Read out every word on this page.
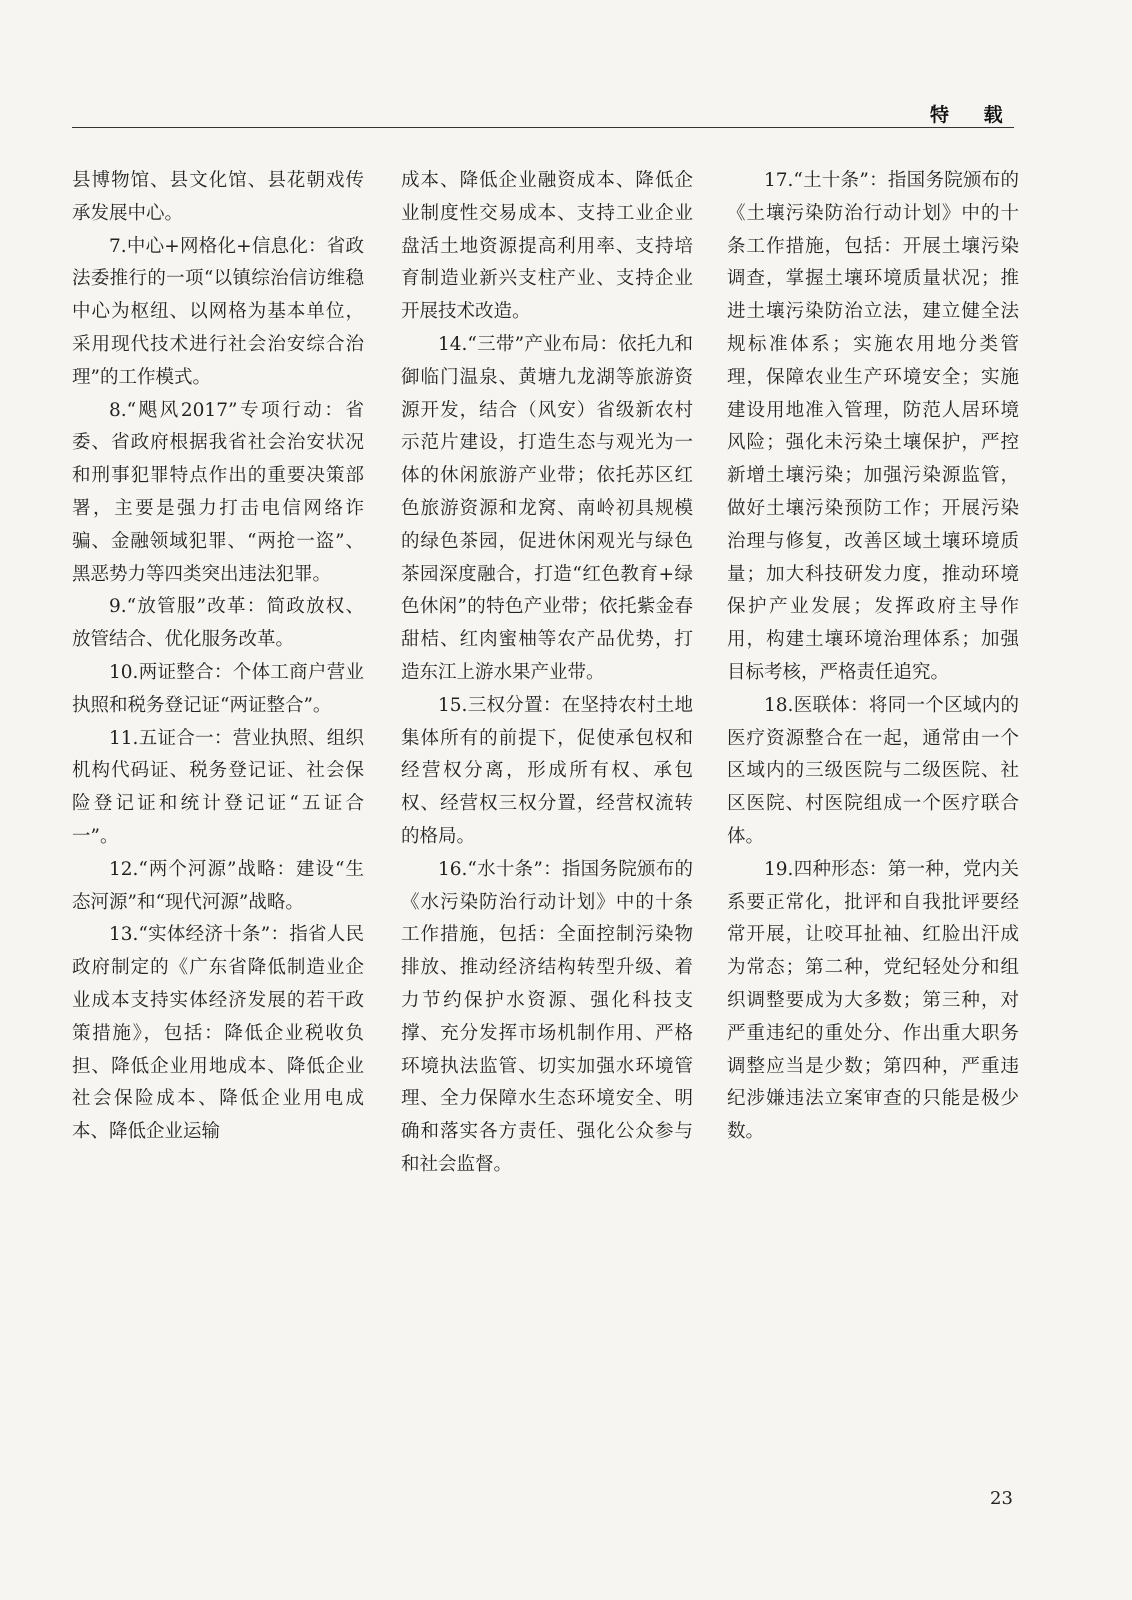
特 载

县博物馆、县文化馆、县花朝戏传承发展中心。

7.中心+网格化+信息化：省政法委推行的一项“以镇综治信访维稳中心为枢纽、以网格为基本单位，采用现代技术进行社会治安综合治理”的工作模式。

8.“飓风2017”专项行动：省委、省政府根据我省社会治安状况和刑事犯罪特点作出的重要决策部署，主要是强力打击电信网络诈骗、金融领域犯罪、“两抢一盗”、黑恶势力等四类突出违法犯罪。

9.“放管服”改革：简政放权、放管结合、优化服务改革。

10.两证整合：个体工商户营业执照和税务登记证“两证整合”。

11.五证合一：营业执照、组织机构代码证、税务登记证、社会保险登记证和统计登记证“五证合一”。

12.“两个河源”战略：建设“生态河源”和“现代河源”战略。

13.“实体经济十条”：指省人民政府制定的《广东省降低制造业企业成本支持实体经济发展的若干政策措施》，包括：降低企业税收负担、降低企业用地成本、降低企业社会保险成本、降低企业用电成本、降低企业运输

成本、降低企业融资成本、降低企业制度性交易成本、支持工业企业盘活土地资源提高利用率、支持培育制造业新兴支柱产业、支持企业开展技术改造。

14.“三带”产业布局：依托九和御临门温泉、黄塘九龙湖等旅游资源开发，结合（风安）省级新农村示范片建设，打造生态与观光为一体的休闲旅游产业带；依托苏区红色旅游资源和龙窝、南岭初具规模的绿色茶园，促进休闲观光与绿色茶园深度融合，打造“红色教育+绿色休闲”的特色产业带；依托紫金春甜桔、红肉蜜柚等农产品优势，打造东江上游水果产业带。

15.三权分置：在坚持农村土地集体所有的前提下，促使承包权和经营权分离，形成所有权、承包权、经营权三权分置，经营权流转的格局。

16.“水十条”：指国务院颁布的《水污染防治行动计划》中的十条工作措施，包括：全面控制污染物排放、推动经济结构转型升级、着力节约保护水资源、强化科技支撑、充分发挥市场机制作用、严格环境执法监管、切实加强水环境管理、全力保障水生态环境安全、明确和落实各方责任、强化公众参与和社会监督。

17.“土十条”：指国务院颁布的《土壤污染防治行动计划》中的十条工作措施，包括：开展土壤污染调查，掌握土壤环境质量状况；推进土壤污染防治立法，建立健全法规标准体系；实施农用地分类管理，保障农业生产环境安全；实施建设用地准入管理，防范人居环境风险；强化未污染土壤保护，严控新增土壤污染；加强污染源监管，做好土壤污染预防工作；开展污染治理与修复，改善区域土壤环境质量；加大科技研发力度，推动环境保护产业发展；发挥政府主导作用，构建土壤环境治理体系；加强目标考核，严格责任追究。

18.医联体：将同一个区域内的医疗资源整合在一起，通常由一个区域内的三级医院与二级医院、社区医院、村医院组成一个医疗联合体。

19.四种形态：第一种，党内关系要正常化，批评和自我批评要经常开展，让咬耳扯袖、红脸出汗成为常态；第二种，党纪轻处分和组织调整要成为大多数；第三种，对严重违纪的重处分、作出重大职务调整应当是少数；第四种，严重违纪涉嫌违法立案审查的只能是极少数。

23
